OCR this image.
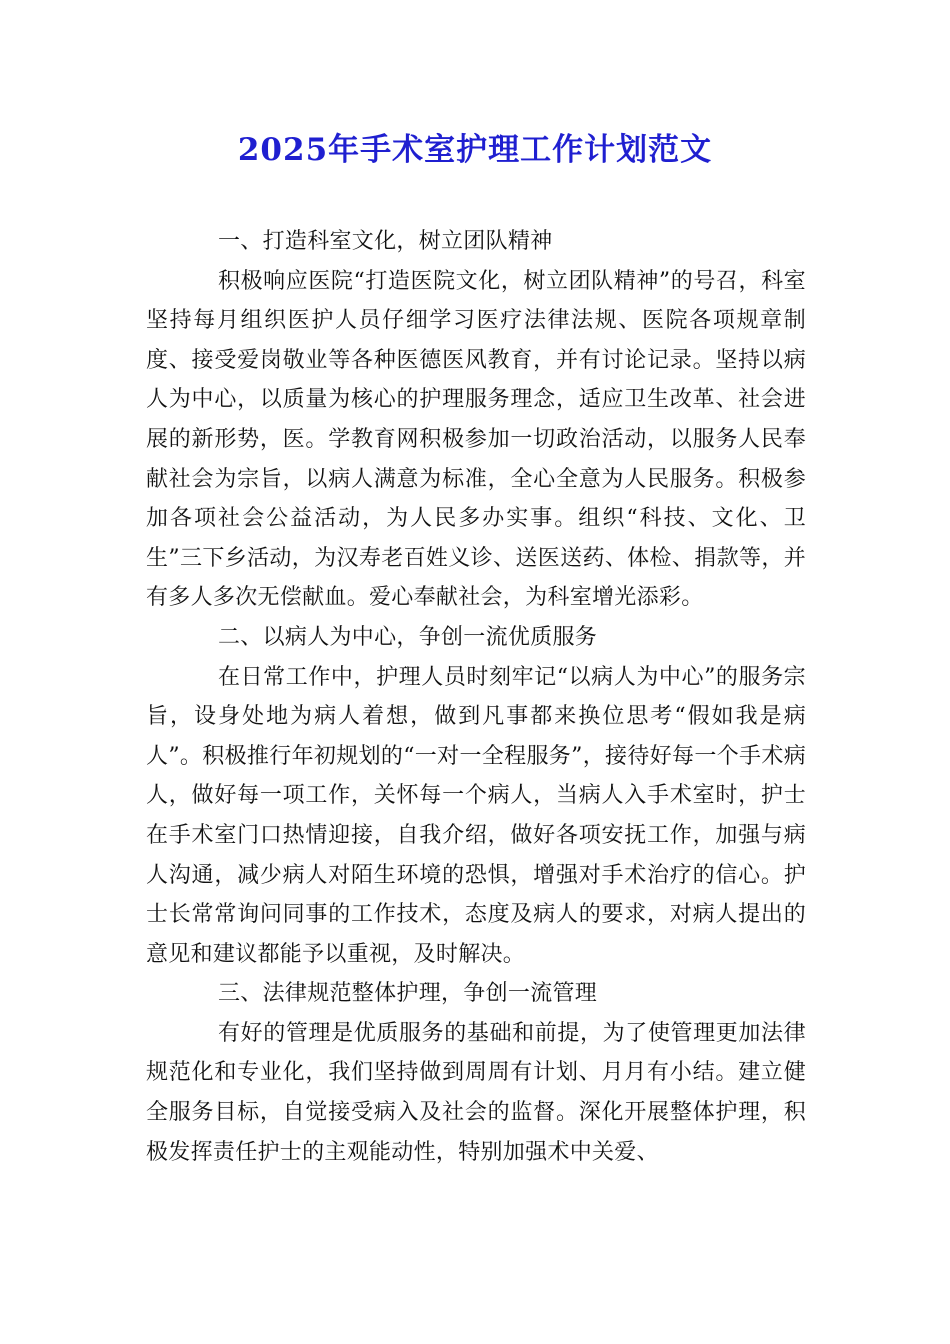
2025年手术室护理工作计划范文
一、打造科室文化，树立团队精神

积极响应医院“打造医院文化，树立团队精神”的号召，科室坚持每月组织医护人员仔细学习医疗法律法规、医院各项规章制度、接受爱岗敬业等各种医德医风教育，并有讨论记录。坚持以病人为中心，以质量为核心的护理服务理念，适应卫生改革、社会进展的新形势，医。学教育网积极参加一切政治活动，以服务人民奉献社会为宗旨，以病人满意为标准，全心全意为人民服务。积极参加各项社会公益活动，为人民多办实事。组织“科技、文化、卫生”三下乡活动，为汉寿老百姓义诊、送医送药、体检、捐款等，并有多人多次无偿献血。爱心奉献社会，为科室增光添彩。

二、以病人为中心，争创一流优质服务

在日常工作中，护理人员时刻牢记“以病人为中心”的服务宗旨，设身处地为病人着想，做到凡事都来换位思考“假如我是病人”。积极推行年初规划的“一对一全程服务”，接待好每一个手术病人，做好每一项工作，关怀每一个病人，当病人入手术室时，护士在手术室门口热情迎接，自我介绍，做好各项安抚工作，加强与病人沟通，减少病人对陌生环境的恐惧，增强对手术治疗的信心。护士长常常询问同事的工作技术，态度及病人的要求，对病人提出的意见和建议都能予以重视，及时解决。

三、法律规范整体护理，争创一流管理

有好的管理是优质服务的基础和前提，为了使管理更加法律规范化和专业化，我们坚持做到周周有计划、月月有小结。建立健全服务目标，自觉接受病入及社会的监督。深化开展整体护理，积极发挥责任护士的主观能动性，特别加强术中关爱、
